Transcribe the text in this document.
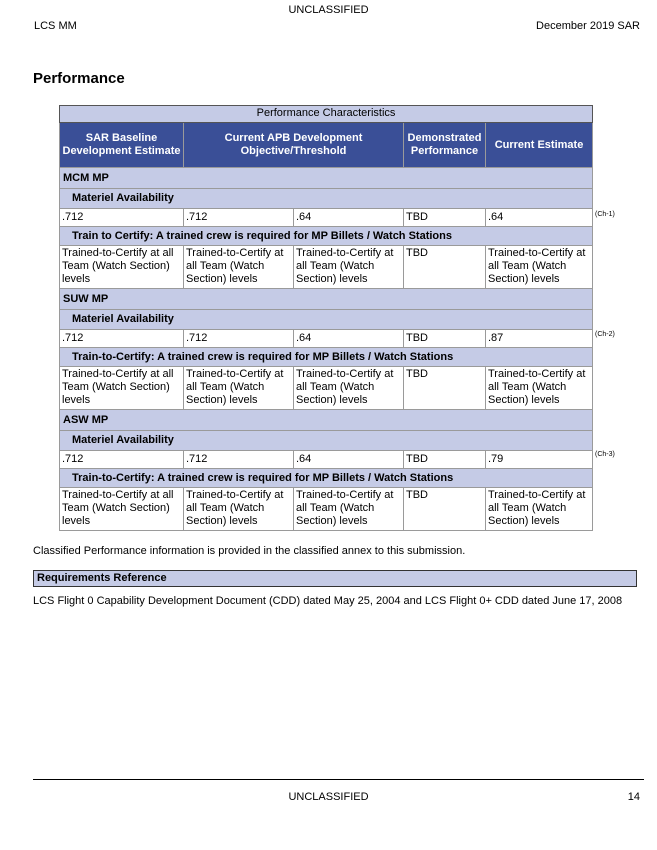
UNCLASSIFIED
LCS MM	December 2019 SAR
Performance
Performance Characteristics				
SAR Baseline Development Estimate	Current APB Development Objective/Threshold		Demonstrated Performance	Current Estimate
MCM MP				
Materiel Availability				
.712	.712	.64	TBD	.64
Train to Certify: A trained crew is required for MP Billets / Watch Stations				
Trained-to-Certify at all Team (Watch Section) levels	Trained-to-Certify at all Team (Watch Section) levels	Trained-to-Certify at all Team (Watch Section) levels	TBD	Trained-to-Certify at all Team (Watch Section) levels
SUW MP				
Materiel Availability				
.712	.712	.64	TBD	.87
Train-to-Certify: A trained crew is required for MP Billets / Watch Stations				
Trained-to-Certify at all Team (Watch Section) levels	Trained-to-Certify at all Team (Watch Section) levels	Trained-to-Certify at all Team (Watch Section) levels	TBD	Trained-to-Certify at all Team (Watch Section) levels
ASW MP				
Materiel Availability				
.712	.712	.64	TBD	.79
Train-to-Certify: A trained crew is required for MP Billets / Watch Stations				
Trained-to-Certify at all Team (Watch Section) levels	Trained-to-Certify at all Team (Watch Section) levels	Trained-to-Certify at all Team (Watch Section) levels	TBD	Trained-to-Certify at all Team (Watch Section) levels
(Ch-1)
(Ch-2)
(Ch-3)
Classified Performance information is provided in the classified annex to this submission.
Requirements Reference
LCS Flight 0 Capability Development Document (CDD) dated May 25, 2004 and LCS Flight 0+ CDD dated June 17, 2008
UNCLASSIFIED	14
